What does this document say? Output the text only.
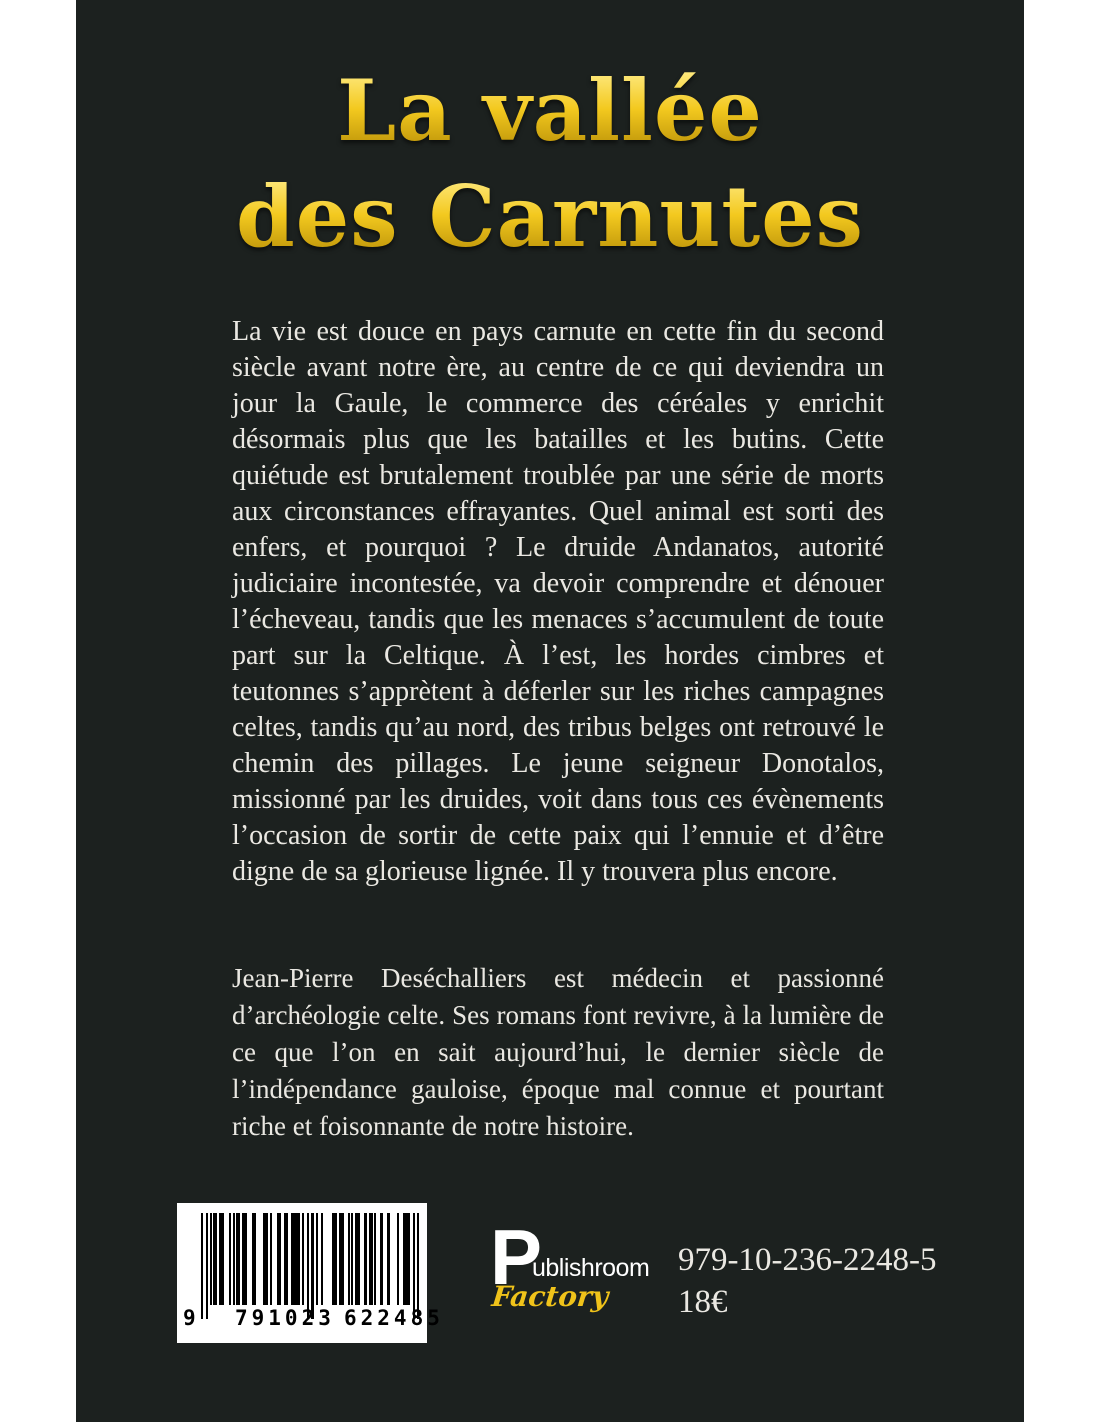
La vallée
des Carnutes

La vie est douce en pays carnute en cette fin du second siècle avant notre ère, au centre de ce qui deviendra un jour la Gaule, le commerce des céréales y enrichit désormais plus que les batailles et les butins. Cette quiétude est brutalement troublée par une série de morts aux circonstances effrayantes. Quel animal est sorti des enfers, et pourquoi ? Le druide Andanatos, autorité judiciaire incontestée, va devoir comprendre et dénouer l’écheveau, tandis que les menaces s’accumulent de toute part sur la Celtique. À l’est, les hordes cimbres et teutonnes s’apprètent à déferler sur les riches campagnes celtes, tandis qu’au nord, des tribus belges ont retrouvé le chemin des pillages. Le jeune seigneur Donotalos, missionné par les druides, voit dans tous ces évènements l’occasion de sortir de cette paix qui l’ennuie et d’être digne de sa glorieuse lignée. Il y trouvera plus encore.

Jean-Pierre Deséchalliers est médecin et passionné d’archéologie celte. Ses romans font revivre, à la lumière de ce que l’on en sait aujourd’hui, le dernier siècle de l’indépendance gauloise, époque mal connue et pourtant riche et foisonnante de notre histoire.

9 791023 622485
P
ublishroom
Factory
979-10-236-2248-5
18€
